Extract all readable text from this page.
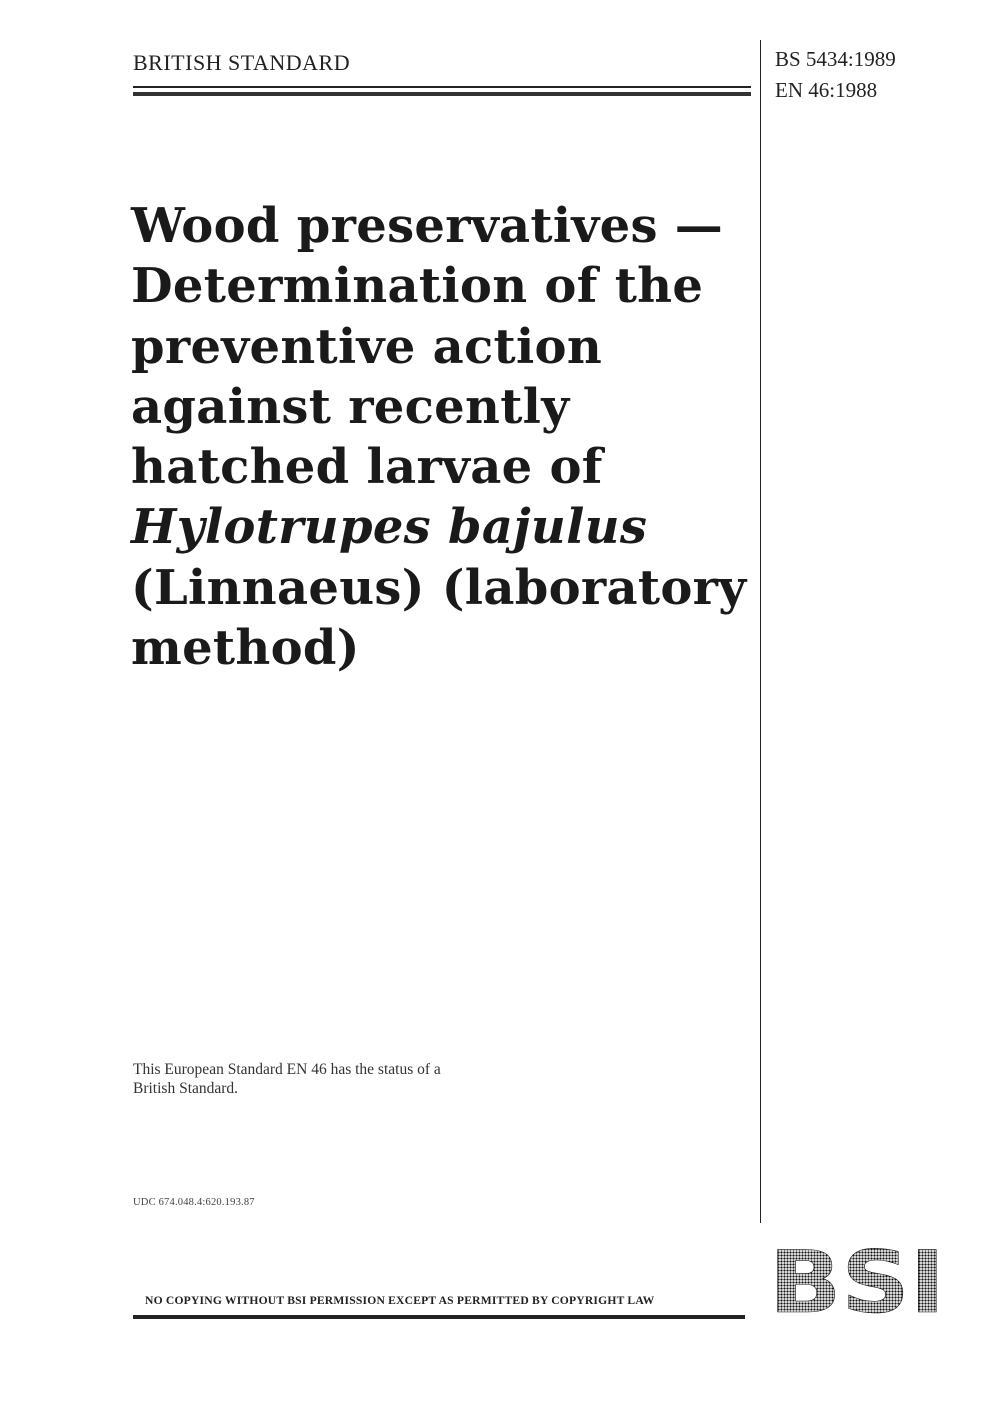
BRITISH STANDARD	BS 5434:1989
EN 46:1988
Wood preservatives —
Determination of the
preventive action
against recently
hatched larvae of
Hylotrupes bajulus
(Linnaeus) (laboratory
method)
This European Standard EN 46 has the status of a
British Standard.
UDC 674.048.4:620.193.87
NO COPYING WITHOUT BSI PERMISSION EXCEPT AS PERMITTED BY COPYRIGHT LAW BSI
